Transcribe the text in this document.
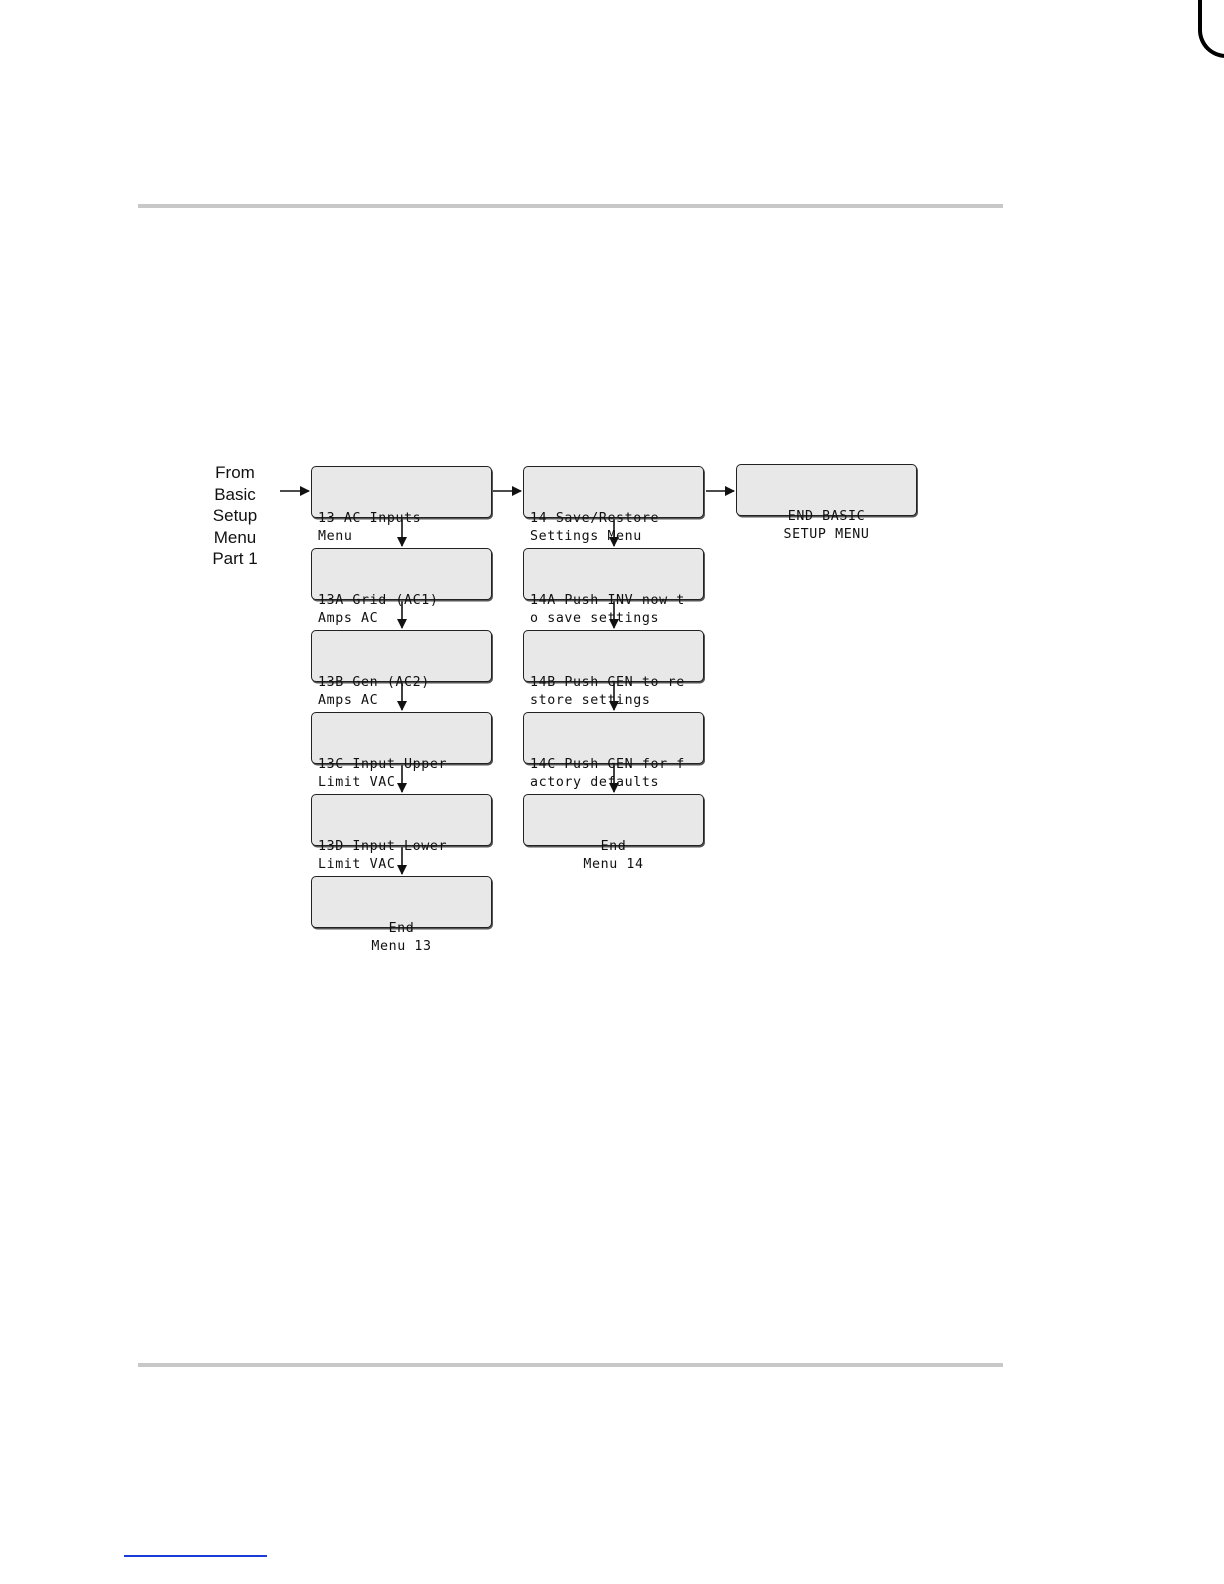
From
Basic
Setup
Menu
Part 1

13 AC Inputs
Menu

13A Grid (AC1)
Amps AC

13B Gen (AC2)
Amps AC

13C Input Upper
Limit VAC

13D Input Lower
Limit VAC

End
Menu 13

14 Save/Restore
Settings Menu

14A Push INV now t
o save settings

14B Push GEN to re
store settings

14C Push GEN for f
actory defaults

End
Menu 14

END BASIC
SETUP MENU
